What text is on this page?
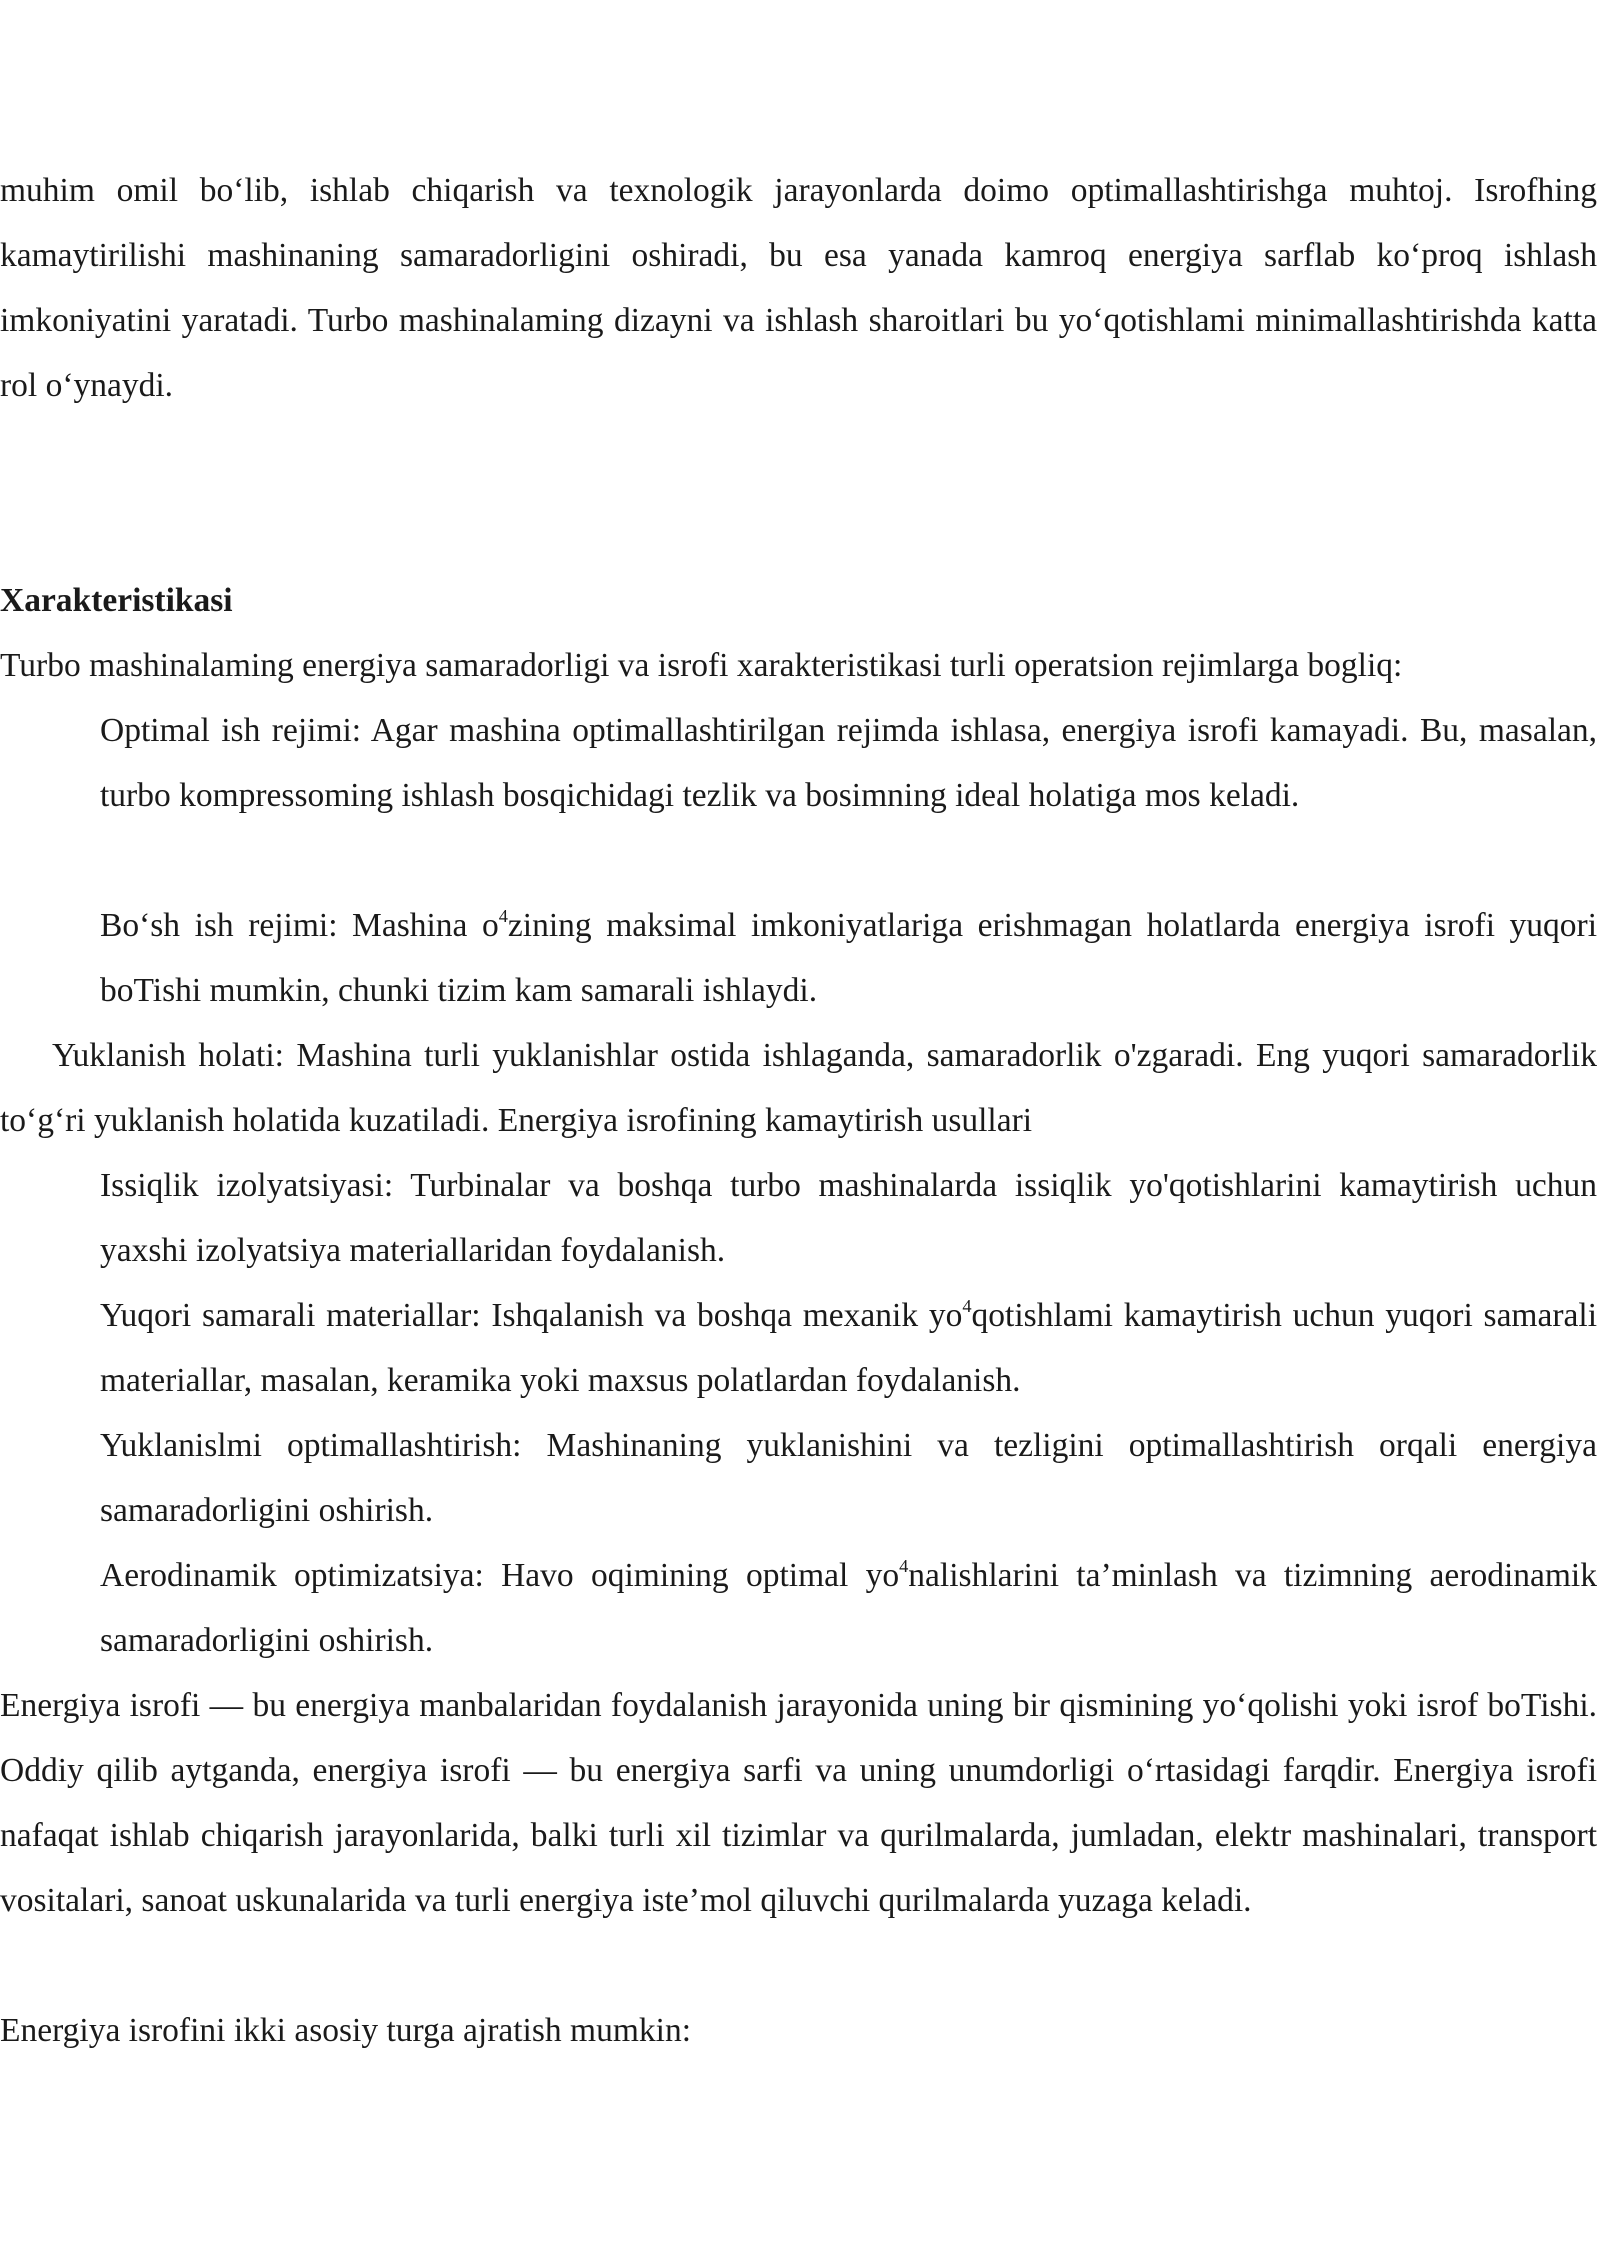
muhim omil bo‘lib, ishlab chiqarish va texnologik jarayonlarda doimo optimallashtirishga muhtoj. Isrofhing kamaytirilishi mashinaning samaradorligini oshiradi, bu esa yanada kamroq energiya sarflab ko‘proq ishlash imkoniyatini yaratadi. Turbo mashinalaming dizayni va ishlash sharoitlari bu yo‘qotishlami minimallashtirishda katta rol o‘ynaydi.

Xarakteristikasi

Turbo mashinalaming energiya samaradorligi va isrofi xarakteristikasi turli operatsion rejimlarga bogliq:

Optimal ish rejimi: Agar mashina optimallashtirilgan rejimda ishlasa, energiya isrofi kamayadi. Bu, masalan, turbo kompressoming ishlash bosqichidagi tezlik va bosimning ideal holatiga mos keladi.

Bo‘sh ish rejimi: Mashina $o^4zining$ maksimal imkoniyatlariga erishmagan holatlarda energiya isrofi yuqori boTishi mumkin, chunki tizim kam samarali ishlaydi.

Yuklanish holati: Mashina turli yuklanishlar ostida ishlaganda, samaradorlik o'zgaradi. Eng yuqori samaradorlik to‘g‘ri yuklanish holatida kuzatiladi. Energiya isrofining kamaytirish usullari

Issiqlik izolyatsiyasi: Turbinalar va boshqa turbo mashinalarda issiqlik yo'qotishlarini kamaytirish uchun yaxshi izolyatsiya materiallaridan foydalanish.

Yuqori samarali materiallar: Ishqalanish va boshqa mexanik $yo^4qotishlami$ kamaytirish uchun yuqori samarali materiallar, masalan, keramika yoki maxsus polatlardan foydalanish.

Yuklanislmi optimallashtirish: Mashinaning yuklanishini va tezligini optimallashtirish orqali energiya samaradorligini oshirish.

Aerodinamik optimizatsiya: Havo oqimining optimal $yo^4nalishlarini$ ta’minlash va tizimning aerodinamik samaradorligini oshirish.

Energiya isrofi — bu energiya manbalaridan foydalanish jarayonida uning bir qismining yo‘qolishi yoki isrof boTishi. Oddiy qilib aytganda, energiya isrofi — bu energiya sarfi va uning unumdorligi o‘rtasidagi farqdir. Energiya isrofi nafaqat ishlab chiqarish jarayonlarida, balki turli xil tizimlar va qurilmalarda, jumladan, elektr mashinalari, transport vositalari, sanoat uskunalarida va turli energiya iste’mol qiluvchi qurilmalarda yuzaga keladi.

Energiya isrofini ikki asosiy turga ajratish mumkin:
